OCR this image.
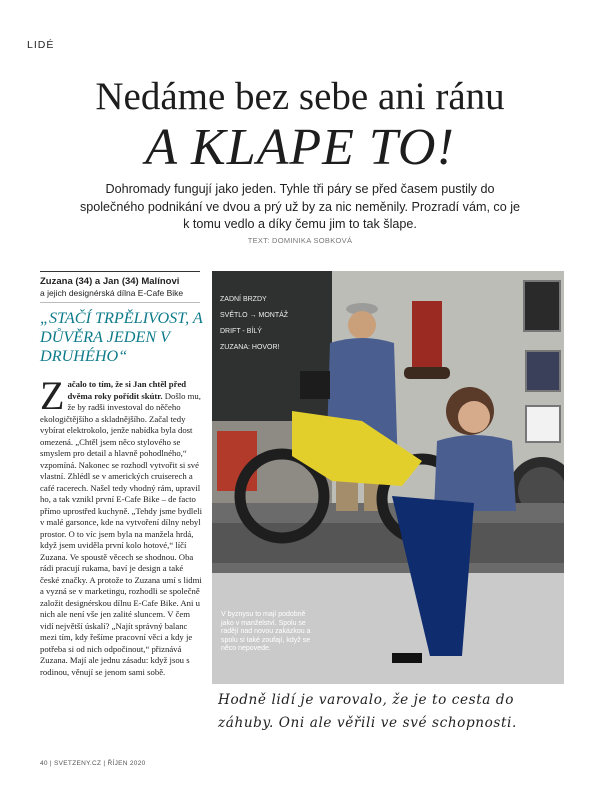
LIDÉ
Nedáme bez sebe ani ránu
A KLAPE TO!
Dohromady fungují jako jeden. Tyhle tři páry se před časem pustily do společného podnikání ve dvou a prý už by za nic neměnily. Prozradí vám, co je k tomu vedlo a díky čemu jim to tak šlape.
TEXT: DOMINIKA SOBKOVÁ
Zuzana (34) a Jan (34) Malínovi
a jejich designérská dílna E-Cafe Bike
„STAČÍ TRPĚLIVOST, A DŮVĚRA JEDEN V DRUHÉHO“
Začalo to tím, že si Jan chtěl před dvěma roky pořídit skútr. Došlo mu, že by radši investoval do něčeho ekologičtějšího a skladnějšího. Začal tedy vybírat elektrokolo, jenže nabídka byla dost omezená. „Chtěl jsem něco stylového se smyslem pro detail a hlavně pohodlného,“ vzpomíná. Nakonec se rozhodl vytvořit si své vlastní. Zhlédl se v amerických cruiserech a café racerech. Našel tedy vhodný rám, upravil ho, a tak vznikl první E-Cafe Bike – de facto přímo uprostřed kuchyně. „Tehdy jsme bydleli v malé garsonce, kde na vytvoření dílny nebyl prostor. O to víc jsem byla na manžela hrdá, když jsem uviděla první kolo hotové,“ líčí Zuzana. Ve spoustě věcech se shodnou. Oba rádi pracují rukama, baví je design a také české značky. A protože to Zuzana umí s lidmi a vyzná se v marketingu, rozhodli se společně založit designérskou dílnu E-Cafe Bike. Ani u nich ale není vše jen zalité sluncem. V čem vidí největší úskalí? „Najít správný balanc mezi tím, kdy řešíme pracovní věci a kdy je potřeba si od nich odpočinout,“ přiznává Zuzana. Mají ale jednu zásadu: když jsou s rodinou, věnují se jenom sami sobě.
ZADNÍ BRZDY
SVĚTLO → MONTÁŽ
DRIFT - BÍLÝ
ZUZANA: HOVOR!
V byznysu to mají podobně jako v manželství. Spolu se radějí nad novou zakázkou a spolu si také zoufají, když se něco nepovede.
Hodně lidí je varovalo, že je to cesta do
záhuby. Oni ale věřili ve své schopnosti.
40 | SVETZENY.CZ | ŘÍJEN 2020
